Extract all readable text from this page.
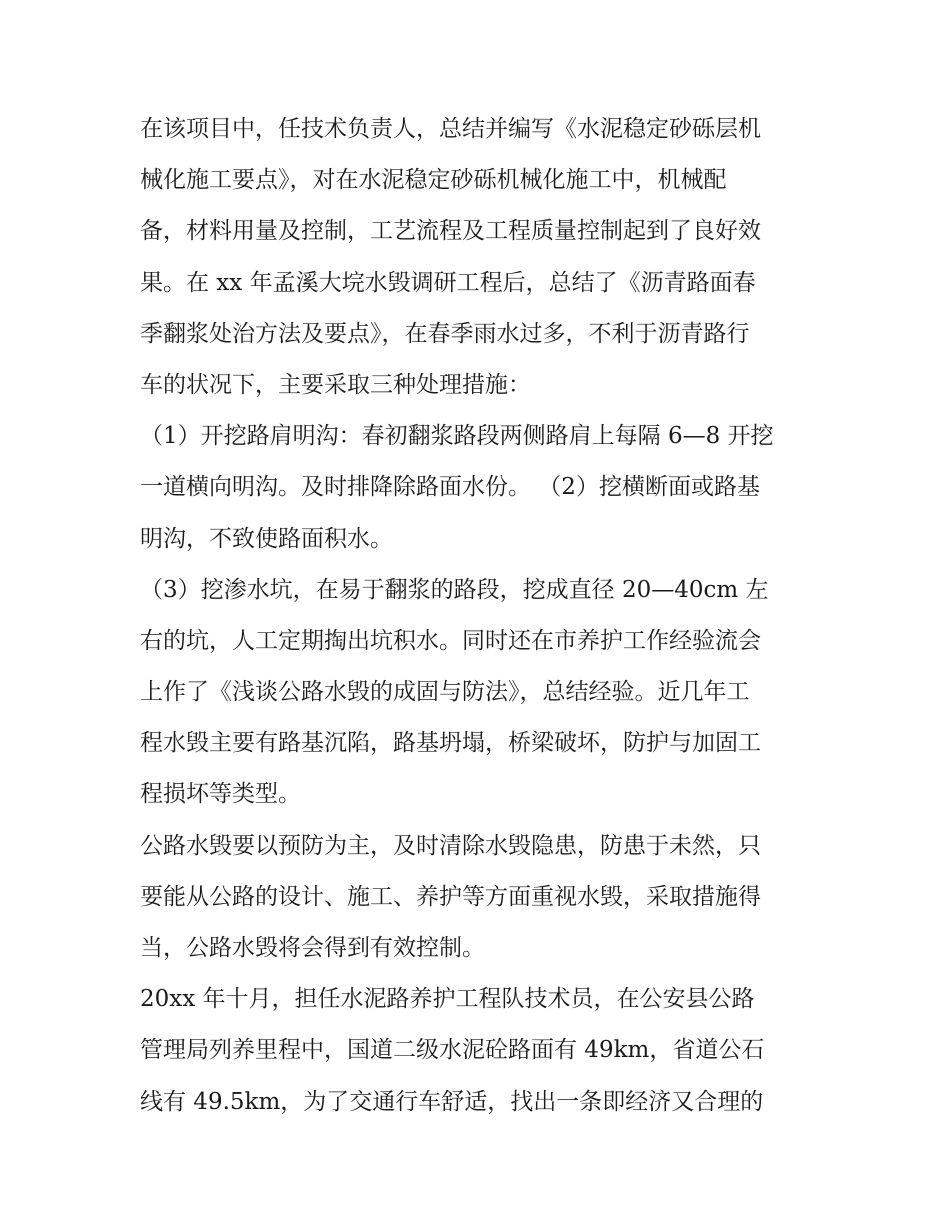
在该项目中，任技术负责人，总结并编写《水泥稳定砂砾层机

械化施工要点》，对在水泥稳定砂砾机械化施工中，机械配

备，材料用量及控制，工艺流程及工程质量控制起到了良好效

果。在 xx 年孟溪大垸水毁调研工程后，总结了《沥青路面春

季翻浆处治方法及要点》，在春季雨水过多，不利于沥青路行

车的状况下，主要采取三种处理措施：

（1）开挖路肩明沟：春初翻浆路段两侧路肩上每隔 6—8 开挖

一道横向明沟。及时排降除路面水份。 （2）挖横断面或路基

明沟，不致使路面积水。

（3）挖渗水坑，在易于翻浆的路段，挖成直径 20—40cm 左

右的坑，人工定期掏出坑积水。同时还在市养护工作经验流会

上作了《浅谈公路水毁的成固与防法》，总结经验。近几年工

程水毁主要有路基沉陷，路基坍塌，桥梁破坏，防护与加固工

程损坏等类型。

公路水毁要以预防为主，及时清除水毁隐患，防患于未然，只

要能从公路的设计、施工、养护等方面重视水毁，采取措施得

当，公路水毁将会得到有效控制。

20xx 年十月，担任水泥路养护工程队技术员，在公安县公路

管理局列养里程中，国道二级水泥砼路面有 49km，省道公石

线有 49.5km，为了交通行车舒适，找出一条即经济又合理的
